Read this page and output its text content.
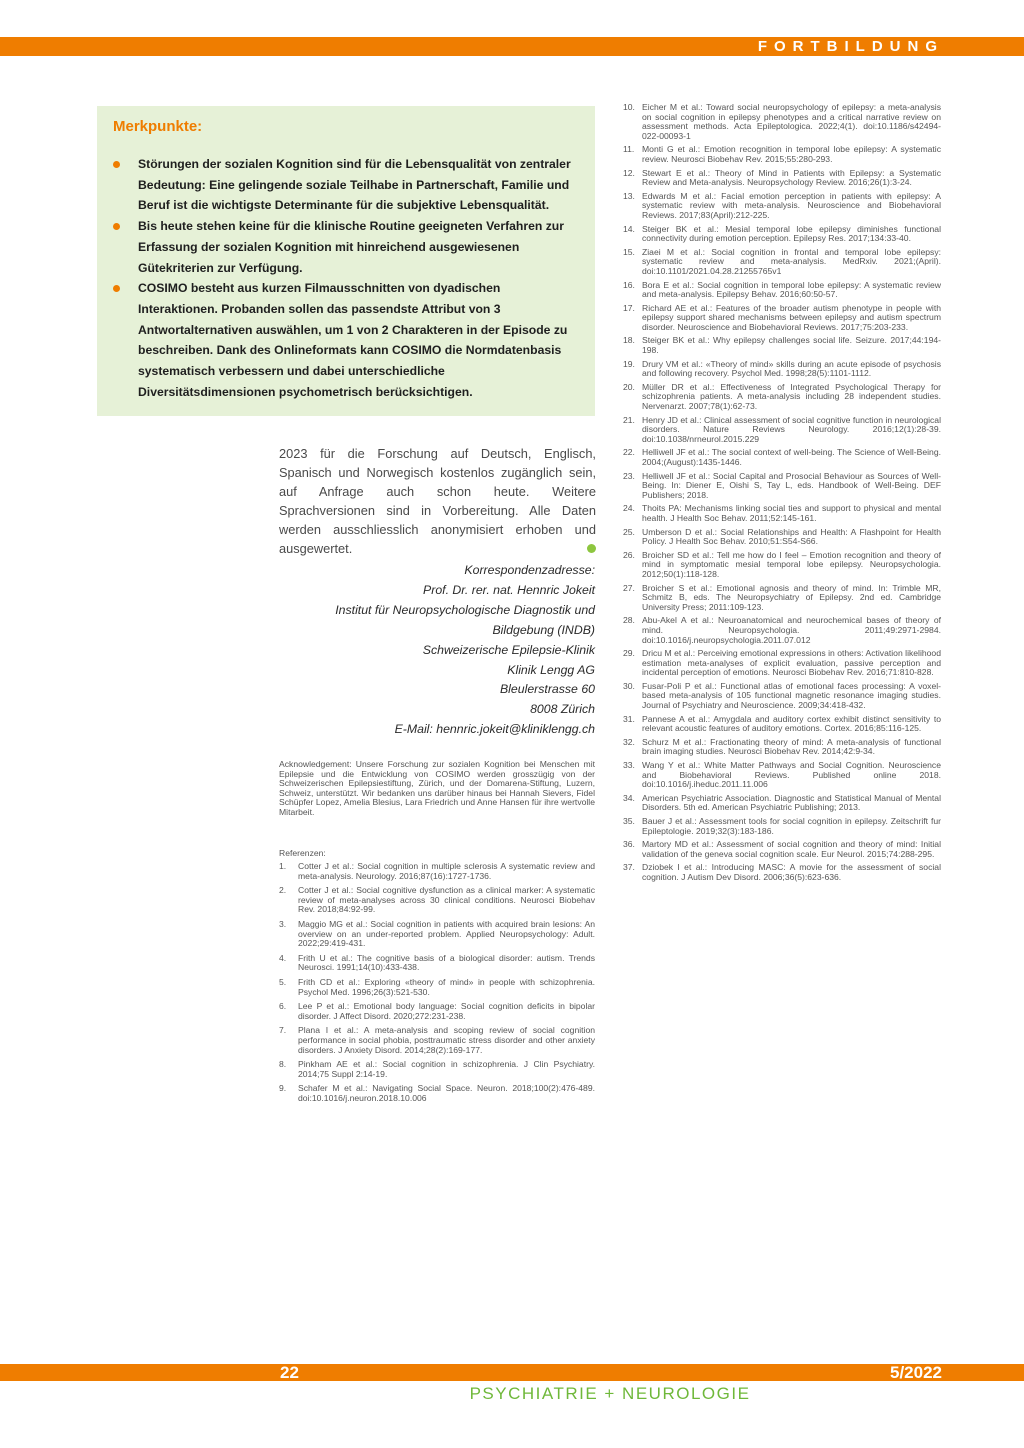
FORTBILDUNG
Merkpunkte:
Störungen der sozialen Kognition sind für die Lebensqualität von zentraler Bedeutung: Eine gelingende soziale Teilhabe in Partnerschaft, Familie und Beruf ist die wichtigste Determinante für die subjektive Lebensqualität.
Bis heute stehen keine für die klinische Routine geeigneten Verfahren zur Erfassung der sozialen Kognition mit hinreichend ausgewiesenen Gütekriterien zur Verfügung.
COSIMO besteht aus kurzen Filmausschnitten von dyadischen Interaktionen. Probanden sollen das passendste Attribut von 3 Antwortalternativen auswählen, um 1 von 2 Charakteren in der Episode zu beschreiben. Dank des Onlineformats kann COSIMO die Normdatenbasis systematisch verbessern und dabei unterschiedliche Diversitätsdimensionen psychometrisch berücksichtigen.
2023 für die Forschung auf Deutsch, Englisch, Spanisch und Norwegisch kostenlos zugänglich sein, auf Anfrage auch schon heute. Weitere Sprachversionen sind in Vorbereitung. Alle Daten werden ausschliesslich anonymisiert erhoben und ausgewertet.
Korrespondenzadresse:
Prof. Dr. rer. nat. Hennric Jokeit
Institut für Neuropsychologische Diagnostik und Bildgebung (INDB)
Schweizerische Epilepsie-Klinik
Klinik Lengg AG
Bleulerstrasse 60
8008 Zürich
E-Mail: hennric.jokeit@kliniklengg.ch
Acknowledgement: Unsere Forschung zur sozialen Kognition bei Menschen mit Epilepsie und die Entwicklung von COSIMO werden grosszügig von der Schweizerischen Epilepsiestiftung, Zürich, und der Domarena-Stiftung, Luzern, Schweiz, unterstützt. Wir bedanken uns darüber hinaus bei Hannah Sievers, Fidel Schüpfer Lopez, Amelia Blesius, Lara Friedrich und Anne Hansen für ihre wertvolle Mitarbeit.
Referenzen:
1. Cotter J et al.: Social cognition in multiple sclerosis A systematic review and meta-analysis. Neurology. 2016;87(16):1727-1736.
2. Cotter J et al.: Social cognitive dysfunction as a clinical marker: A systematic review of meta-analyses across 30 clinical conditions. Neurosci Biobehav Rev. 2018;84:92-99.
3. Maggio MG et al.: Social cognition in patients with acquired brain lesions: An overview on an under-reported problem. Applied Neuropsychology: Adult. 2022;29:419-431.
4. Frith U et al.: The cognitive basis of a biological disorder: autism. Trends Neurosci. 1991;14(10):433-438.
5. Frith CD et al.: Exploring «theory of mind» in people with schizophrenia. Psychol Med. 1996;26(3):521-530.
6. Lee P et al.: Emotional body language: Social cognition deficits in bipolar disorder. J Affect Disord. 2020;272:231-238.
7. Plana I et al.: A meta-analysis and scoping review of social cognition performance in social phobia, posttraumatic stress disorder and other anxiety disorders. J Anxiety Disord. 2014;28(2):169-177.
8. Pinkham AE et al.: Social cognition in schizophrenia. J Clin Psychiatry. 2014;75 Suppl 2:14-19.
9. Schafer M et al.: Navigating Social Space. Neuron. 2018;100(2):476-489. doi:10.1016/j.neuron.2018.10.006
10. Eicher M et al.: Toward social neuropsychology of epilepsy: a meta-analysis on social cognition in epilepsy phenotypes and a critical narrative review on assessment methods. Acta Epileptologica. 2022;4(1). doi:10.1186/s42494-022-00093-1
11. Monti G et al.: Emotion recognition in temporal lobe epilepsy: A systematic review. Neurosci Biobehav Rev. 2015;55:280-293.
12. Stewart E et al.: Theory of Mind in Patients with Epilepsy: a Systematic Review and Meta-analysis. Neuropsychology Review. 2016;26(1):3-24.
13. Edwards M et al.: Facial emotion perception in patients with epilepsy: A systematic review with meta-analysis. Neuroscience and Biobehavioral Reviews. 2017;83(April):212-225.
14. Steiger BK et al.: Mesial temporal lobe epilepsy diminishes functional connectivity during emotion perception. Epilepsy Res. 2017;134:33-40.
15. Ziaei M et al.: Social cognition in frontal and temporal lobe epilepsy: systematic review and meta-analysis. MedRxiv. 2021;(April). doi:10.1101/2021.04.28.21255765v1
16. Bora E et al.: Social cognition in temporal lobe epilepsy: A systematic review and meta-analysis. Epilepsy Behav. 2016;60:50-57.
17. Richard AE et al.: Features of the broader autism phenotype in people with epilepsy support shared mechanisms between epilepsy and autism spectrum disorder. Neuroscience and Biobehavioral Reviews. 2017;75:203-233.
18. Steiger BK et al.: Why epilepsy challenges social life. Seizure. 2017;44:194-198.
19. Drury VM et al.: «Theory of mind» skills during an acute episode of psychosis and following recovery. Psychol Med. 1998;28(5):1101-1112.
20. Müller DR et al.: Effectiveness of Integrated Psychological Therapy for schizophrenia patients. A meta-analysis including 28 independent studies. Nervenarzt. 2007;78(1):62-73.
21. Henry JD et al.: Clinical assessment of social cognitive function in neurological disorders. Nature Reviews Neurology. 2016;12(1):28-39. doi:10.1038/nrneurol.2015.229
22. Helliwell JF et al.: The social context of well-being. The Science of Well-Being. 2004;(August):1435-1446.
23. Helliwell JF et al.: Social Capital and Prosocial Behaviour as Sources of Well-Being. In: Diener E, Oishi S, Tay L, eds. Handbook of Well-Being. DEF Publishers; 2018.
24. Thoits PA: Mechanisms linking social ties and support to physical and mental health. J Health Soc Behav. 2011;52:145-161.
25. Umberson D et al.: Social Relationships and Health: A Flashpoint for Health Policy. J Health Soc Behav. 2010;51:S54-S66.
26. Broicher SD et al.: Tell me how do I feel – Emotion recognition and theory of mind in symptomatic mesial temporal lobe epilepsy. Neuropsychologia. 2012;50(1):118-128.
27. Broicher S et al.: Emotional agnosis and theory of mind. In: Trimble MR, Schmitz B, eds. The Neuropsychiatry of Epilepsy. 2nd ed. Cambridge University Press; 2011:109-123.
28. Abu-Akel A et al.: Neuroanatomical and neurochemical bases of theory of mind. Neuropsychologia. 2011;49:2971-2984. doi:10.1016/j.neuropsychologia.2011.07.012
29. Dricu M et al.: Perceiving emotional expressions in others: Activation likelihood estimation meta-analyses of explicit evaluation, passive perception and incidental perception of emotions. Neurosci Biobehav Rev. 2016;71:810-828.
30. Fusar-Poli P et al.: Functional atlas of emotional faces processing: A voxel-based meta-analysis of 105 functional magnetic resonance imaging studies. Journal of Psychiatry and Neuroscience. 2009;34:418-432.
31. Pannese A et al.: Amygdala and auditory cortex exhibit distinct sensitivity to relevant acoustic features of auditory emotions. Cortex. 2016;85:116-125.
32. Schurz M et al.: Fractionating theory of mind: A meta-analysis of functional brain imaging studies. Neurosci Biobehav Rev. 2014;42:9-34.
33. Wang Y et al.: White Matter Pathways and Social Cognition. Neuroscience and Biobehavioral Reviews. Published online 2018. doi:10.1016/j.iheduc.2011.11.006
34. American Psychiatric Association. Diagnostic and Statistical Manual of Mental Disorders. 5th ed. American Psychiatric Publishing; 2013.
35. Bauer J et al.: Assessment tools for social cognition in epilepsy. Zeitschrift fur Epileptologie. 2019;32(3):183-186.
36. Martory MD et al.: Assessment of social cognition and theory of mind: Initial validation of the geneva social cognition scale. Eur Neurol. 2015;74:288-295.
37. Dziobek I et al.: Introducing MASC: A movie for the assessment of social cognition. J Autism Dev Disord. 2006;36(5):623-636.
22	5/2022
PSYCHIATRIE + NEUROLOGIE
